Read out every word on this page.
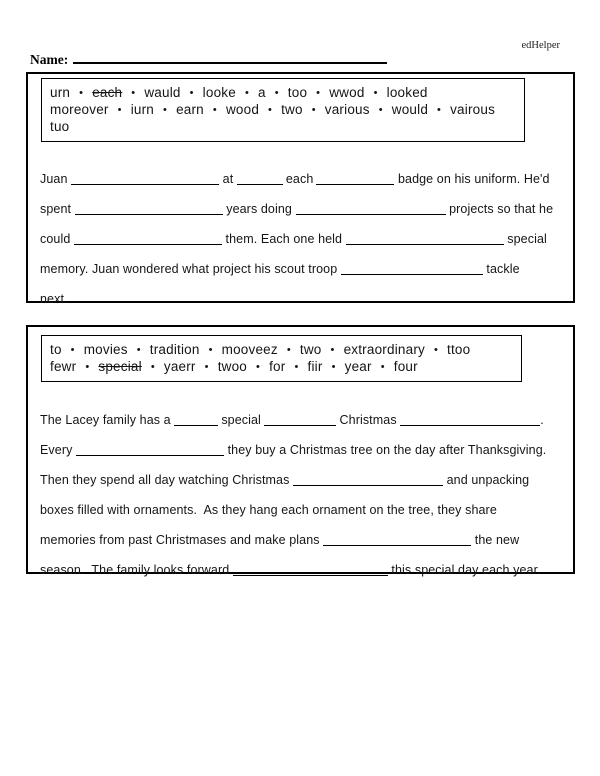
edHelper
Name:
urn • each • wauld • looke • a • too • wwod • looked
moreover • iurn • earn • wood • two • various • would • vairous
tuo
Juan	at	each	badge on his uniform. He'd
spent	years doing	projects so that he
could	them. Each one held	special
memory. Juan wondered what project his scout troop	tackle
next.
to • movies • tradition • mooveez • two • extraordinary • ttoo
fewr • special • yaerr • twoo • for • fiir • year • four
The Lacey family has a	special	Christmas	.
Every	they buy a Christmas tree on the day after Thanksgiving.
Then they spend all day watching Christmas	and unpacking
boxes filled with ornaments.  As they hang each ornament on the tree, they share
memories from past Christmases and make plans	the new
season.  The family looks forward	this special day each year.
